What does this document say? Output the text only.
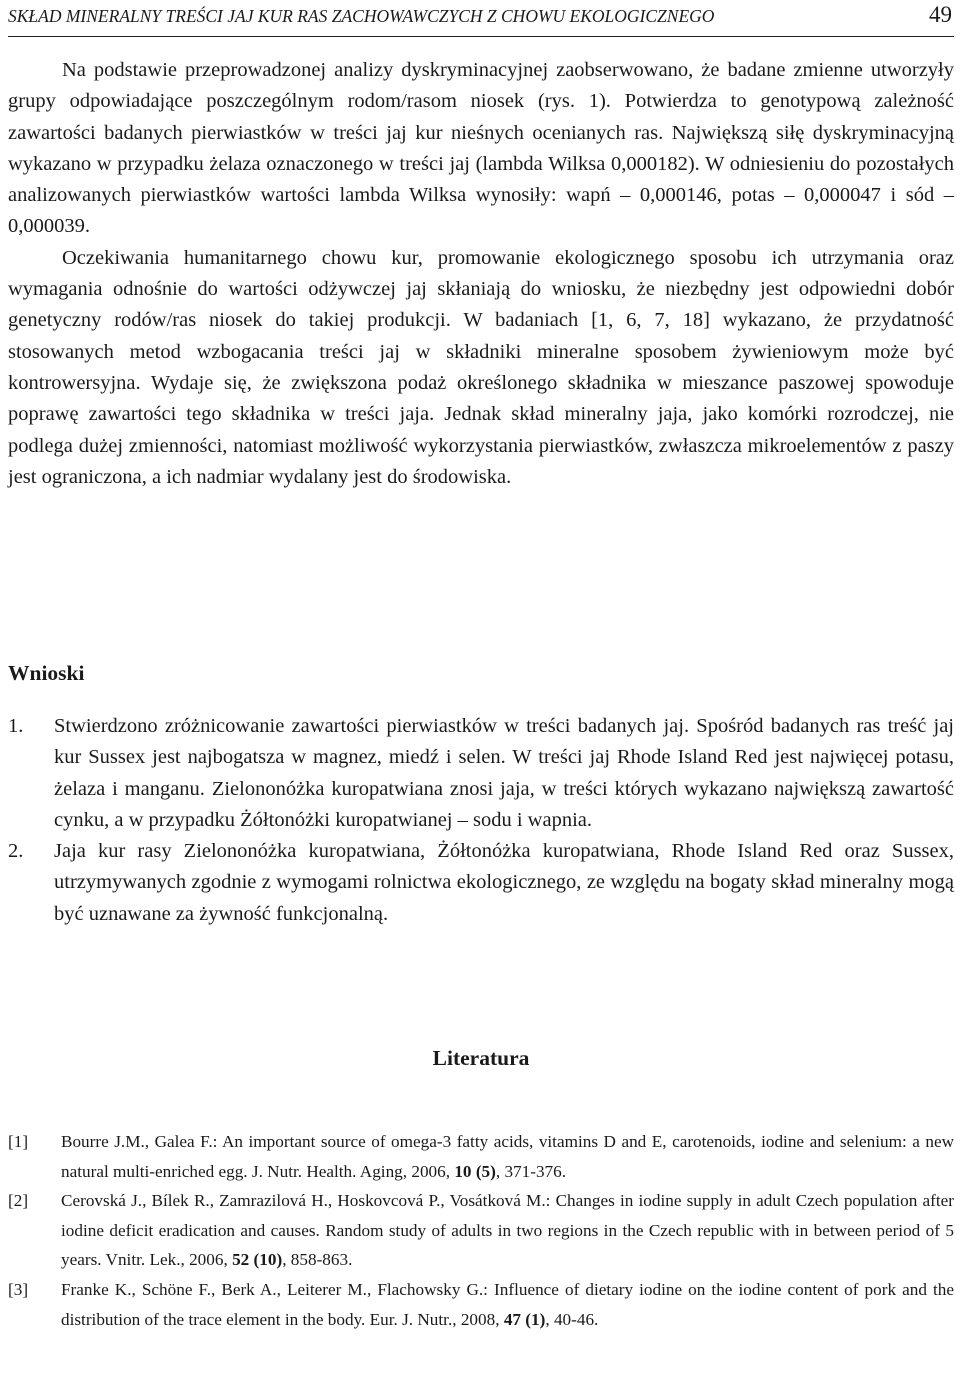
SKŁAD MINERALNY TREŚCI JAJ KUR RAS ZACHOWAWCZYCH Z CHOWU EKOLOGICZNEGO	49

Na podstawie przeprowadzonej analizy dyskryminacyjnej zaobserwowano, że badane zmienne utworzyły grupy odpowiadające poszczególnym rodom/rasom niosek (rys. 1). Potwierdza to genotypową zależność zawartości badanych pierwiastków w treści jaj kur nieśnych ocenianych ras. Największą siłę dyskryminacyjną wykazano w przypadku żelaza oznaczonego w treści jaj (lambda Wilksa 0,000182). W odniesieniu do pozostałych analizowanych pierwiastków wartości lambda Wilksa wynosiły: wapń – 0,000146, potas – 0,000047 i sód – 0,000039.

Oczekiwania humanitarnego chowu kur, promowanie ekologicznego sposobu ich utrzymania oraz wymagania odnośnie do wartości odżywczej jaj skłaniają do wniosku, że niezbędny jest odpowiedni dobór genetyczny rodów/ras niosek do takiej produkcji. W badaniach [1, 6, 7, 18] wykazano, że przydatność stosowanych metod wzbogacania treści jaj w składniki mineralne sposobem żywieniowym może być kontrowersyjna. Wydaje się, że zwiększona podaż określonego składnika w mieszance paszowej spowoduje poprawę zawartości tego składnika w treści jaja. Jednak skład mineralny jaja, jako komórki rozrodczej, nie podlega dużej zmienności, natomiast możliwość wykorzystania pierwiastków, zwłaszcza mikroelementów z paszy jest ograniczona, a ich nadmiar wydalany jest do środowiska.

Wnioski
1. Stwierdzono zróżnicowanie zawartości pierwiastków w treści badanych jaj. Spośród badanych ras treść jaj kur Sussex jest najbogatsza w magnez, miedź i selen. W treści jaj Rhode Island Red jest najwięcej potasu, żelaza i manganu. Zielononóżka kuropatwiana znosi jaja, w treści których wykazano największą zawartość cynku, a w przypadku Żółtonóżki kuropatwianej – sodu i wapnia.
2. Jaja kur rasy Zielononóżka kuropatwiana, Żółtonóżka kuropatwiana, Rhode Island Red oraz Sussex, utrzymywanych zgodnie z wymogami rolnictwa ekologicznego, ze względu na bogaty skład mineralny mogą być uznawane za żywność funkcjonalną.
Literatura
[1] Bourre J.M., Galea F.: An important source of omega-3 fatty acids, vitamins D and E, carotenoids, iodine and selenium: a new natural multi-enriched egg. J. Nutr. Health. Aging, 2006, 10 (5), 371-376.
[2] Cerovská J., Bílek R., Zamrazilová H., Hoskovcová P., Vosátková M.: Changes in iodine supply in adult Czech population after iodine deficit eradication and causes. Random study of adults in two regions in the Czech republic with in between period of 5 years. Vnitr. Lek., 2006, 52 (10), 858-863.
[3] Franke K., Schöne F., Berk A., Leiterer M., Flachowsky G.: Influence of dietary iodine on the iodine content of pork and the distribution of the trace element in the body. Eur. J. Nutr., 2008, 47 (1), 40-46.
